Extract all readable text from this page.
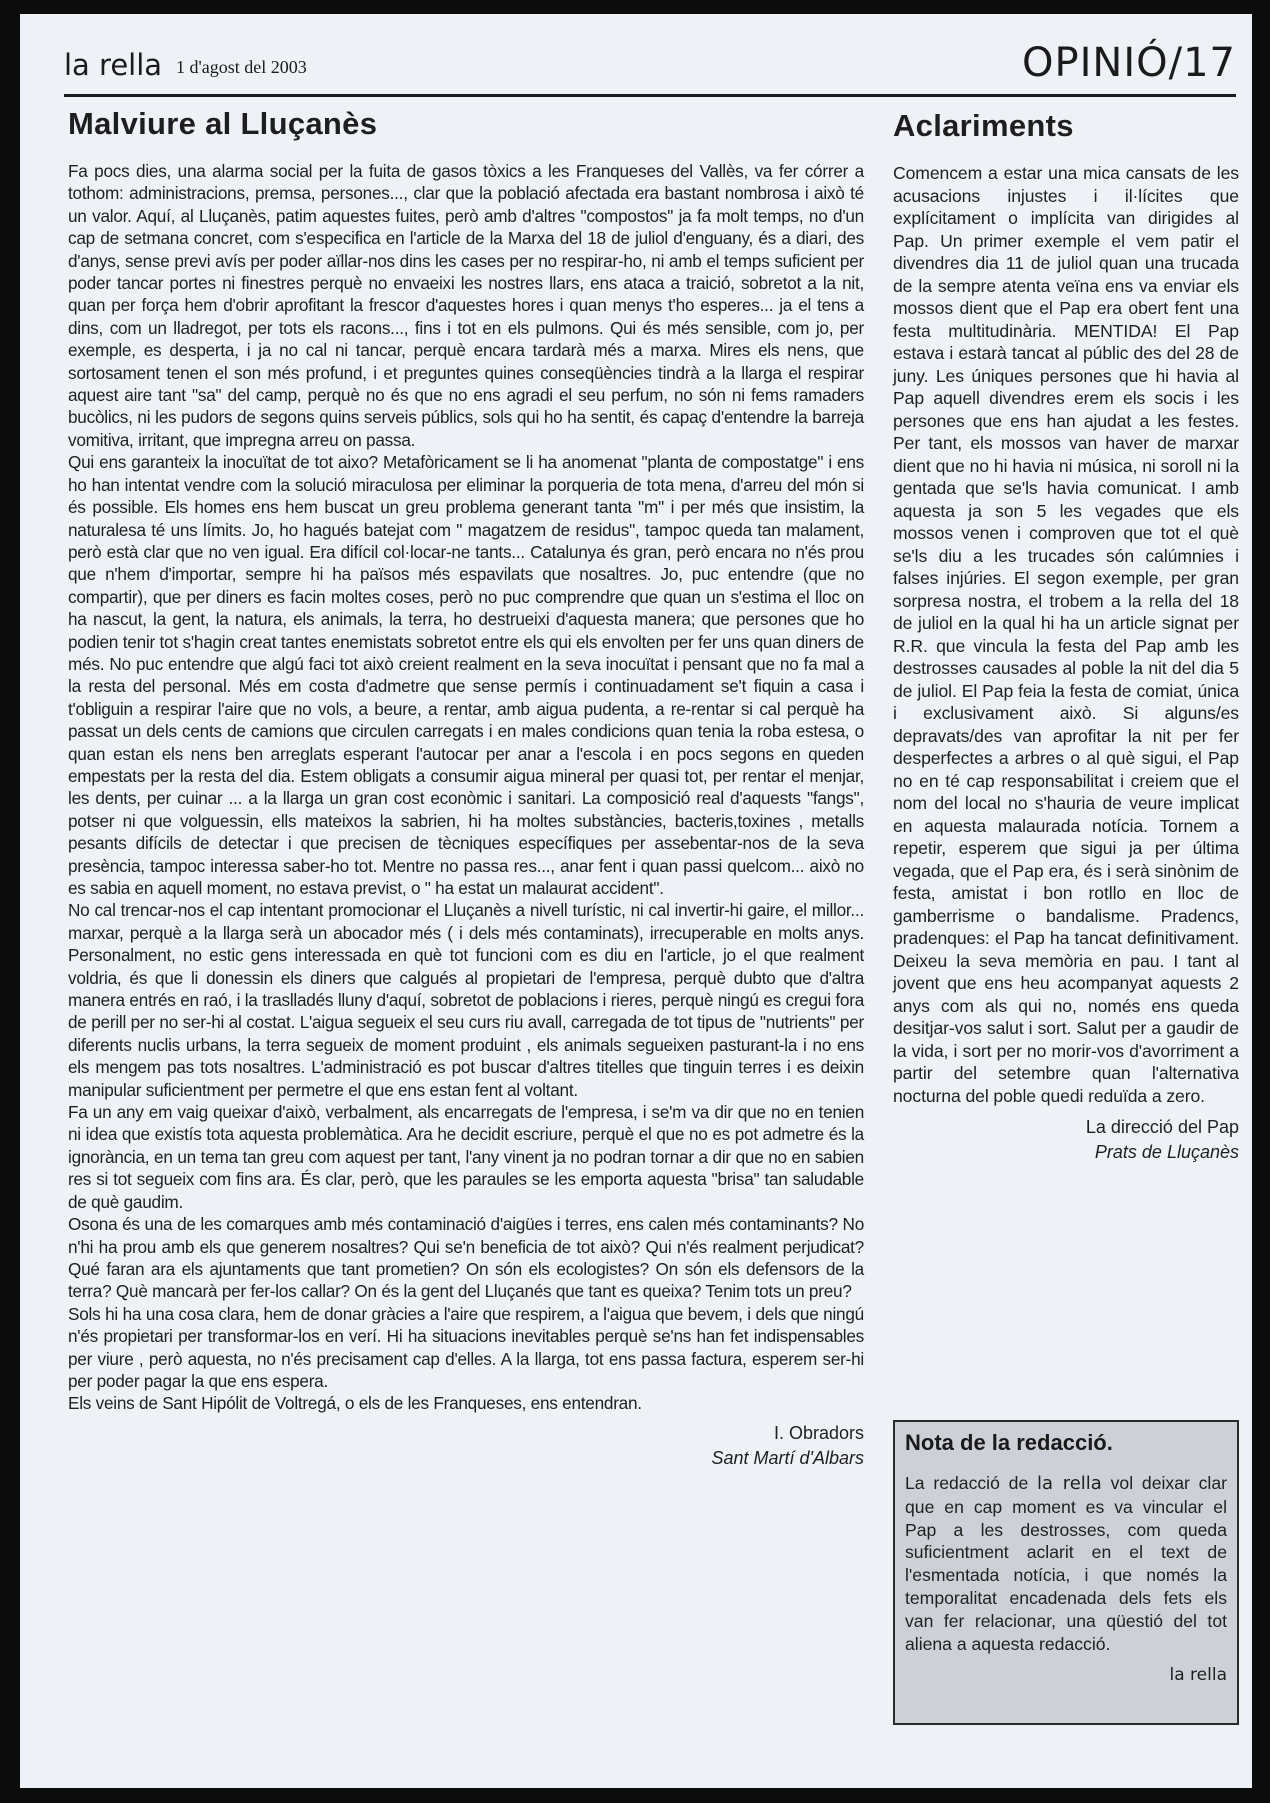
la rella 1 d'agost del 2003	OPINIÓ/17
Malviure al Lluçanès

Fa pocs dies, una alarma social per la fuita de gasos tòxics a les Franqueses del Vallès, va fer córrer a tothom: administracions, premsa, persones..., clar que la població afectada era bastant nombrosa i això té un valor. Aquí, al Lluçanès, patim aquestes fuites, però amb d'altres "compostos" ja fa molt temps, no d'un cap de setmana concret, com s'especifica en l'article de la Marxa del 18 de juliol d'enguany, és a diari, des d'anys, sense previ avís per poder aïllar-nos dins les cases per no respirar-ho, ni amb el temps suficient per poder tancar portes ni finestres perquè no envaeixi les nostres llars, ens ataca a traició, sobretot a la nit, quan per força hem d'obrir aprofitant la frescor d'aquestes hores i quan menys t'ho esperes... ja el tens a dins, com un lladregot, per tots els racons..., fins i tot en els pulmons. Qui és més sensible, com jo, per exemple, es desperta, i ja no cal ni tancar, perquè encara tardarà més a marxa. Mires els nens, que sortosament tenen el son més profund, i et preguntes quines conseqüències tindrà a la llarga el respirar aquest aire tant "sa" del camp, perquè no és que no ens agradi el seu perfum, no són ni fems ramaders bucòlics, ni les pudors de segons quins serveis públics, sols qui ho ha sentit, és capaç d'entendre la barreja vomitiva, irritant, que impregna arreu on passa.

Qui ens garanteix la inocuïtat de tot aixo? Metafòricament se li ha anomenat "planta de compostatge" i ens ho han intentat vendre com la solució miraculosa per eliminar la porqueria de tota mena, d'arreu del món si és possible. Els homes ens hem buscat un greu problema generant tanta "m" i per més que insistim, la naturalesa té uns límits. Jo, ho hagués batejat com " magatzem de residus", tampoc queda tan malament, però està clar que no ven igual. Era difícil col·locar-ne tants... Catalunya és gran, però encara no n'és prou que n'hem d'importar, sempre hi ha països més espavilats que nosaltres. Jo, puc entendre (que no compartir), que per diners es facin moltes coses, però no puc comprendre que quan un s'estima el lloc on ha nascut, la gent, la natura, els animals, la terra, ho destrueixi d'aquesta manera; que persones que ho podien tenir tot s'hagin creat tantes enemistats sobretot entre els qui els envolten per fer uns quan diners de més. No puc entendre que algú faci tot això creient realment en la seva inocuïtat i pensant que no fa mal a la resta del personal. Més em costa d'admetre que sense permís i continuadament se't fiquin a casa i t'obliguin a respirar l'aire que no vols, a beure, a rentar, amb aigua pudenta, a re-rentar si cal perquè ha passat un dels cents de camions que circulen carregats i en males condicions quan tenia la roba estesa, o quan estan els nens ben arreglats esperant l'autocar per anar a l'escola i en pocs segons en queden empestats per la resta del dia. Estem obligats a consumir aigua mineral per quasi tot, per rentar el menjar, les dents, per cuinar ... a la llarga un gran cost econòmic i sanitari. La composició real d'aquests "fangs", potser ni que volguessin, ells mateixos la sabrien, hi ha moltes substàncies, bacteris,toxines , metalls pesants difícils de detectar i que precisen de tècniques específiques per assebentar-nos de la seva presència, tampoc interessa saber-ho tot. Mentre no passa res..., anar fent i quan passi quelcom... això no es sabia en aquell moment, no estava previst, o " ha estat un malaurat accident".

No cal trencar-nos el cap intentant promocionar el Lluçanès a nivell turístic, ni cal invertir-hi gaire, el millor... marxar, perquè a la llarga serà un abocador més ( i dels més contaminats), irrecuperable en molts anys. Personalment, no estic gens interessada en què tot funcioni com es diu en l'article, jo el que realment voldria, és que li donessin els diners que calgués al propietari de l'empresa, perquè dubto que d'altra manera entrés en raó, i la traslladés lluny d'aquí, sobretot de poblacions i rieres, perquè ningú es cregui fora de perill per no ser-hi al costat. L'aigua segueix el seu curs riu avall, carregada de tot tipus de "nutrients" per diferents nuclis urbans, la terra segueix de moment produint , els animals segueixen pasturant-la i no ens els mengem pas tots nosaltres. L'administració es pot buscar d'altres titelles que tinguin terres i es deixin manipular suficientment per permetre el que ens estan fent al voltant.

Fa un any em vaig queixar d'això, verbalment, als encarregats de l'empresa, i se'm va dir que no en tenien ni idea que existís tota aquesta problemàtica. Ara he decidit escriure, perquè el que no es pot admetre és la ignorància, en un tema tan greu com aquest per tant, l'any vinent ja no podran tornar a dir que no en sabien res si tot segueix com fins ara. És clar, però, que les paraules se les emporta aquesta "brisa" tan saludable de què gaudim.

Osona és una de les comarques amb més contaminació d'aigües i terres, ens calen més contaminants? No n'hi ha prou amb els que generem nosaltres? Qui se'n beneficia de tot això? Qui n'és realment perjudicat? Qué faran ara els ajuntaments que tant prometien? On són els ecologistes? On són els defensors de la terra? Què mancarà per fer-los callar? On és la gent del Lluçanés que tant es queixa? Tenim tots un preu?

Sols hi ha una cosa clara, hem de donar gràcies a l'aire que respirem, a l'aigua que bevem, i dels que ningú n'és propietari per transformar-los en verí. Hi ha situacions inevitables perquè se'ns han fet indispensables per viure , però aquesta, no n'és precisament cap d'elles. A la llarga, tot ens passa factura, esperem ser-hi per poder pagar la que ens espera.

Els veins de Sant Hipólit de Voltregá, o els de les Franqueses, ens entendran.

I. Obradors
Sant Martí d'Albars
Aclariments

Comencem a estar una mica cansats de les acusacions injustes i il·lícites que explícitament o implícita van dirigides al Pap. Un primer exemple el vem patir el divendres dia 11 de juliol quan una trucada de la sempre atenta veïna ens va enviar els mossos dient que el Pap era obert fent una festa multitudinària. MENTIDA! El Pap estava i estarà tancat al públic des del 28 de juny. Les úniques persones que hi havia al Pap aquell divendres erem els socis i les persones que ens han ajudat a les festes. Per tant, els mossos van haver de marxar dient que no hi havia ni música, ni soroll ni la gentada que se'ls havia comunicat. I amb aquesta ja son 5 les vegades que els mossos venen i comproven que tot el què se'ls diu a les trucades són calúmnies i falses injúries. El segon exemple, per gran sorpresa nostra, el trobem a la rella del 18 de juliol en la qual hi ha un article signat per R.R. que vincula la festa del Pap amb les destrosses causades al poble la nit del dia 5 de juliol. El Pap feia la festa de comiat, única i exclusivament això. Si alguns/es depravats/des van aprofitar la nit per fer desperfectes a arbres o al què sigui, el Pap no en té cap responsabilitat i creiem que el nom del local no s'hauria de veure implicat en aquesta malaurada notícia. Tornem a repetir, esperem que sigui ja per última vegada, que el Pap era, és i serà sinònim de festa, amistat i bon rotllo en lloc de gamberrisme o bandalisme. Pradencs, pradenques: el Pap ha tancat definitivament. Deixeu la seva memòria en pau. I tant al jovent que ens heu acompanyat aquests 2 anys com als qui no, només ens queda desitjar-vos salut i sort. Salut per a gaudir de la vida, i sort per no morir-vos d'avorriment a partir del setembre quan l'alternativa nocturna del poble quedi reduïda a zero.

La direcció del Pap
Prats de Lluçanès
Nota de la redacció.

La redacció de la rella vol deixar clar que en cap moment es va vincular el Pap a les destrosses, com queda suficientment aclarit en el text de l'esmentada notícia, i que només la temporalitat encadenada dels fets els van fer relacionar, una qüestió del tot aliena a aquesta redacció.

la rella
